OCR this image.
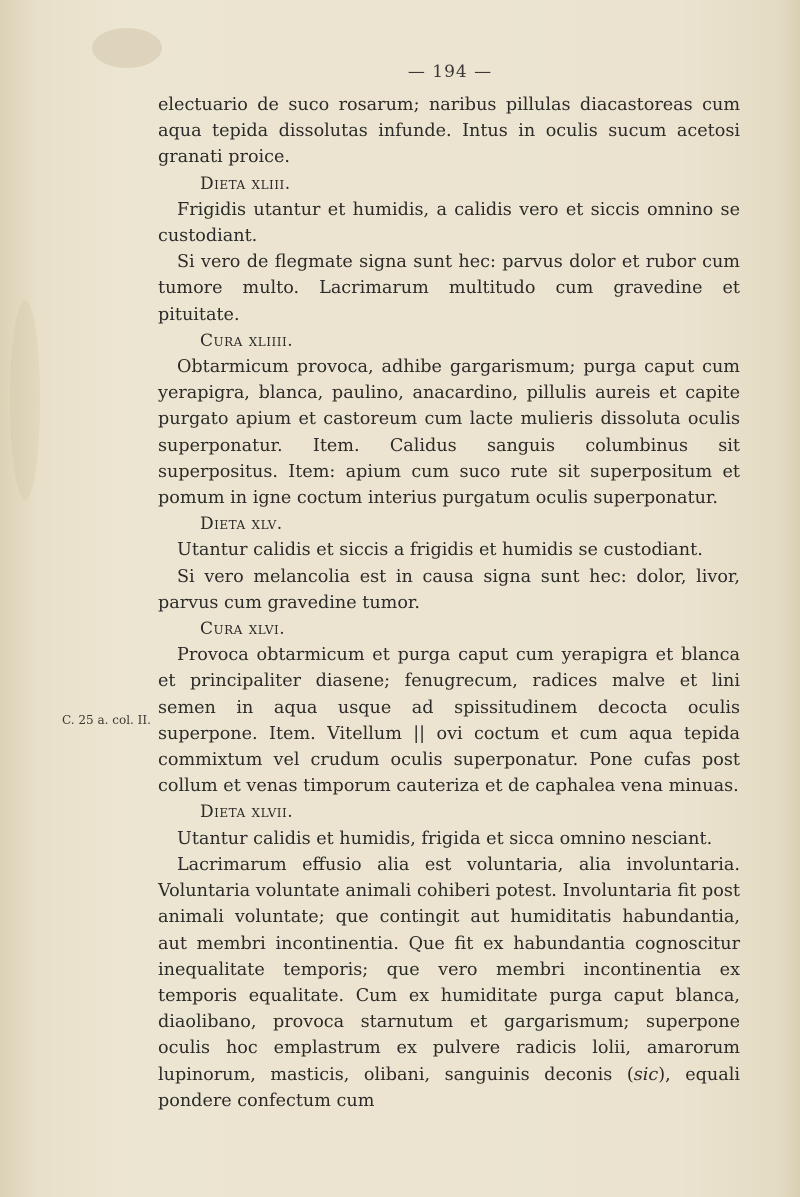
— 194 —
C. 25 a. col. II.

electuario de suco rosarum; naribus pillulas diacastoreas cum aqua tepida dissolutas infunde. Intus in oculis sucum acetosi granati proice.

Dieta xliii.

Frigidis utantur et humidis, a calidis vero et siccis omnino se custodiant.

Si vero de flegmate signa sunt hec: parvus dolor et rubor cum tumore multo. Lacrimarum multitudo cum gravedine et pituitate.

Cura xliiii.

Obtarmicum provoca, adhibe gargarismum; purga caput cum yerapigra, blanca, paulino, anacardino, pillulis aureis et capite purgato apium et castoreum cum lacte mulieris dissoluta oculis superponatur. Item. Calidus sanguis columbinus sit superpositus. Item: apium cum suco rute sit superpositum et pomum in igne coctum interius purgatum oculis superponatur.

Dieta xlv.

Utantur calidis et siccis a frigidis et humidis se custodiant.

Si vero melancolia est in causa signa sunt hec: dolor, livor, parvus cum gravedine tumor.

Cura xlvi.

Provoca obtarmicum et purga caput cum yerapigra et blanca et principaliter diasene; fenugrecum, radices malve et lini semen in aqua usque ad spissitudinem decocta oculis superpone. Item. Vitellum || ovi coctum et cum aqua tepida commixtum vel crudum oculis superponatur. Pone cufas post collum et venas timporum cauteriza et de caphalea vena minuas.

Dieta xlvii.

Utantur calidis et humidis, frigida et sicca omnino nesciant.

Lacrimarum effusio alia est voluntaria, alia involuntaria. Voluntaria voluntate animali cohiberi potest. Involuntaria fit post animali voluntate; que contingit aut humiditatis habundantia, aut membri incontinentia. Que fit ex habundantia cognoscitur inequalitate temporis; que vero membri incontinentia ex temporis equalitate. Cum ex humiditate purga caput blanca, diaolibano, provoca starnutum et gargarismum; superpone oculis hoc emplastrum ex pulvere radicis lolii, amarorum lupinorum, masticis, olibani, sanguinis deconis (sic), equali pondere confectum cum
